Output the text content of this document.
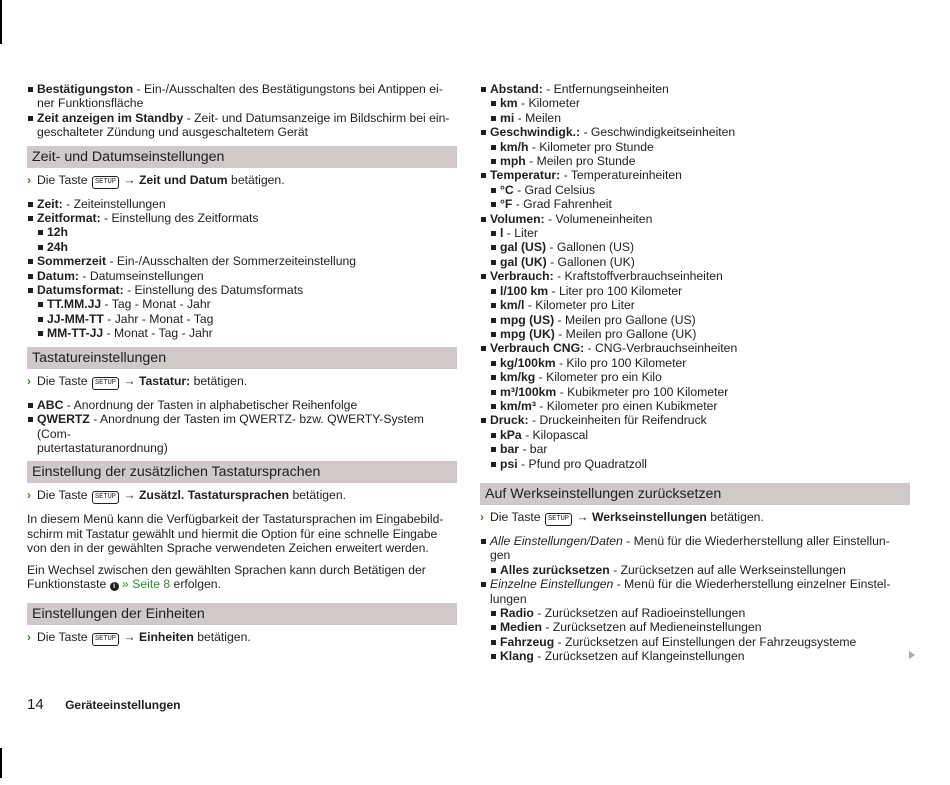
Bestätigungston - Ein-/Ausschalten des Bestätigungstons bei Antippen ei-
ner Funktionsfläche
Zeit anzeigen im Standby - Zeit- und Datumsanzeige im Bildschirm bei ein-
geschalteter Zündung und ausgeschaltetem Gerät
Zeit- und Datumseinstellungen
› Die Taste SETUP → Zeit und Datum betätigen.
Zeit: - Zeiteinstellungen
Zeitformat: - Einstellung des Zeitformats
12h
24h
Sommerzeit - Ein-/Ausschalten der Sommerzeiteinstellung
Datum: - Datumseinstellungen
Datumsformat: - Einstellung des Datumsformats
TT.MM.JJ - Tag - Monat - Jahr
JJ-MM-TT - Jahr - Monat - Tag
MM-TT-JJ - Monat - Tag - Jahr
Tastatureinstellungen
› Die Taste SETUP → Tastatur: betätigen.
ABC - Anordnung der Tasten in alphabetischer Reihenfolge
QWERTZ - Anordnung der Tasten im QWERTZ- bzw. QWERTY-System (Com-
putertastaturanordnung)
Einstellung der zusätzlichen Tastatursprachen
› Die Taste SETUP → Zusätzl. Tastatursprachen betätigen.

In diesem Menü kann die Verfügbarkeit der Tastatursprachen im Eingabebild-
schirm mit Tastatur gewählt und hiermit die Option für eine schnelle Eingabe
von den in der gewählten Sprache verwendeten Zeichen erweitert werden.

Ein Wechsel zwischen den gewählten Sprachen kann durch Betätigen der
Funktionstaste i » Seite 8 erfolgen.

Einstellungen der Einheiten
› Die Taste SETUP → Einheiten betätigen.
Abstand: - Entfernungseinheiten
km - Kilometer
mi - Meilen
Geschwindigk.: - Geschwindigkeitseinheiten
km/h - Kilometer pro Stunde
mph - Meilen pro Stunde
Temperatur: - Temperatureinheiten
°C - Grad Celsius
°F - Grad Fahrenheit
Volumen: - Volumeneinheiten
l - Liter
gal (US) - Gallonen (US)
gal (UK) - Gallonen (UK)
Verbrauch: - Kraftstoffverbrauchseinheiten
l/100 km - Liter pro 100 Kilometer
km/l - Kilometer pro Liter
mpg (US) - Meilen pro Gallone (US)
mpg (UK) - Meilen pro Gallone (UK)
Verbrauch CNG: - CNG-Verbrauchseinheiten
kg/100km - Kilo pro 100 Kilometer
km/kg - Kilometer pro ein Kilo
m³/100km - Kubikmeter pro 100 Kilometer
km/m³ - Kilometer pro einen Kubikmeter
Druck: - Druckeinheiten für Reifendruck
kPa - Kilopascal
bar - bar
psi - Pfund pro Quadratzoll
Auf Werkseinstellungen zurücksetzen
› Die Taste SETUP → Werkseinstellungen betätigen.
Alle Einstellungen/Daten - Menü für die Wiederherstellung aller Einstellun-
gen
Alles zurücksetzen - Zurücksetzen auf alle Werkseinstellungen
Einzelne Einstellungen - Menü für die Wiederherstellung einzelner Einstel-
lungen
Radio - Zurücksetzen auf Radioeinstellungen
Medien - Zurücksetzen auf Medieneinstellungen
Fahrzeug - Zurücksetzen auf Einstellungen der Fahrzeugsysteme
Klang - Zurücksetzen auf Klangeinstellungen
14 Geräteeinstellungen
